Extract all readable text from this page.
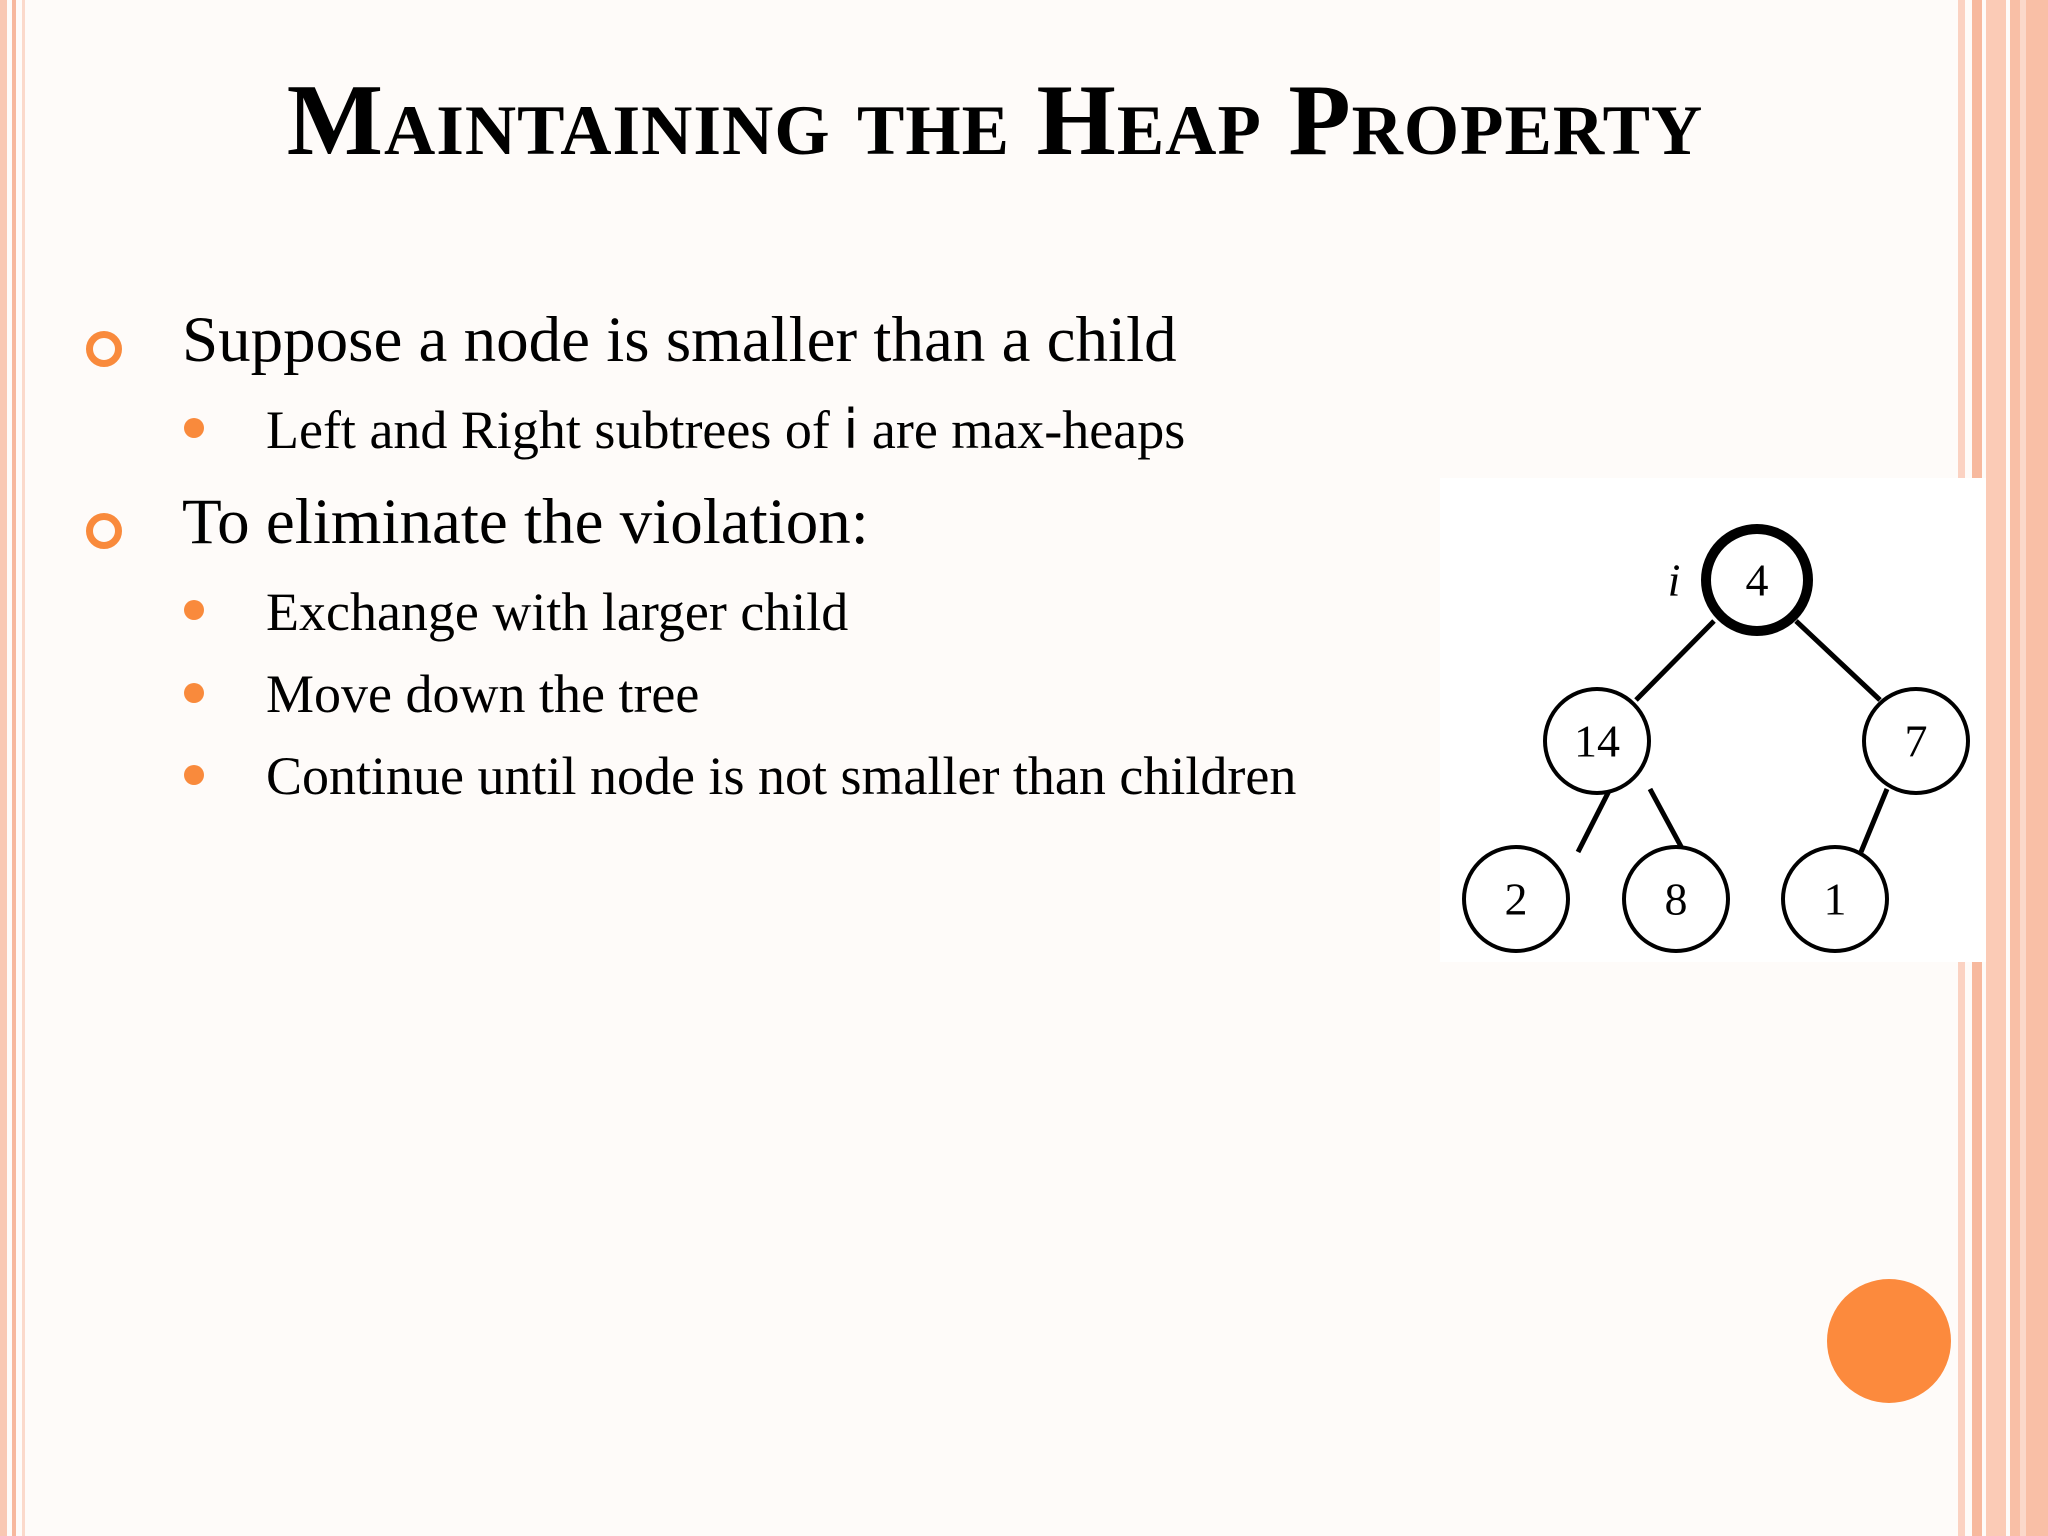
Maintaining the Heap Property
Suppose a node is smaller than a child
Left and Right subtrees of i are max-heaps
To eliminate the violation:
Exchange with larger child
Move down the tree
Continue until node is not smaller than children
4
i
14	7
2	8	1
